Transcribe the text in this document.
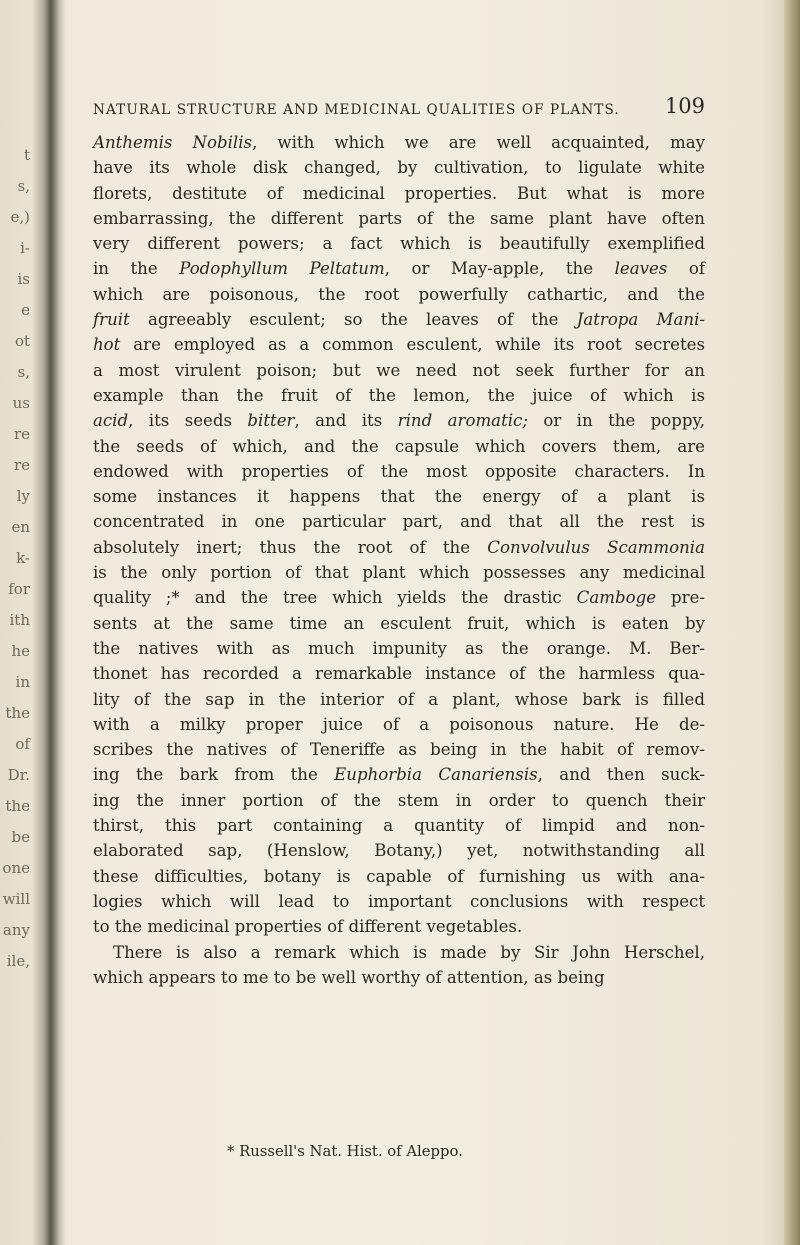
t
s,
e,)
i-
is
e
ot
s,
us
re
re
ly
en
k-
for
ith
he
in
the
of
Dr.
the
be
one
will
any
ile,
NATURAL STRUCTURE AND MEDICINAL QUALITIES OF PLANTS. 109
Anthemis Nobilis, with which we are well acquainted, may
have its whole disk changed, by cultivation, to ligulate white
florets, destitute of medicinal properties. But what is more
embarrassing, the different parts of the same plant have often
very different powers; a fact which is beautifully exemplified
in the Podophyllum Peltatum, or May-apple, the leaves of
which are poisonous, the root powerfully cathartic, and the
fruit agreeably esculent; so the leaves of the Jatropa Mani-
hot are employed as a common esculent, while its root secretes
a most virulent poison; but we need not seek further for an
example than the fruit of the lemon, the juice of which is
acid, its seeds bitter, and its rind aromatic; or in the poppy,
the seeds of which, and the capsule which covers them, are
endowed with properties of the most opposite characters. In
some instances it happens that the energy of a plant is
concentrated in one particular part, and that all the rest is
absolutely inert; thus the root of the Convolvulus Scammonia
is the only portion of that plant which possesses any medicinal
quality ;* and the tree which yields the drastic Camboge pre-
sents at the same time an esculent fruit, which is eaten by
the natives with as much impunity as the orange. M. Ber-
thonet has recorded a remarkable instance of the harmless qua-
lity of the sap in the interior of a plant, whose bark is filled
with a milky proper juice of a poisonous nature. He de-
scribes the natives of Teneriffe as being in the habit of remov-
ing the bark from the Euphorbia Canariensis, and then suck-
ing the inner portion of the stem in order to quench their
thirst, this part containing a quantity of limpid and non-
elaborated sap, (Henslow, Botany,) yet, notwithstanding all
these difficulties, botany is capable of furnishing us with ana-
logies which will lead to important conclusions with respect
to the medicinal properties of different vegetables.
There is also a remark which is made by Sir John Herschel,
which appears to me to be well worthy of attention, as being
* Russell's Nat. Hist. of Aleppo.
